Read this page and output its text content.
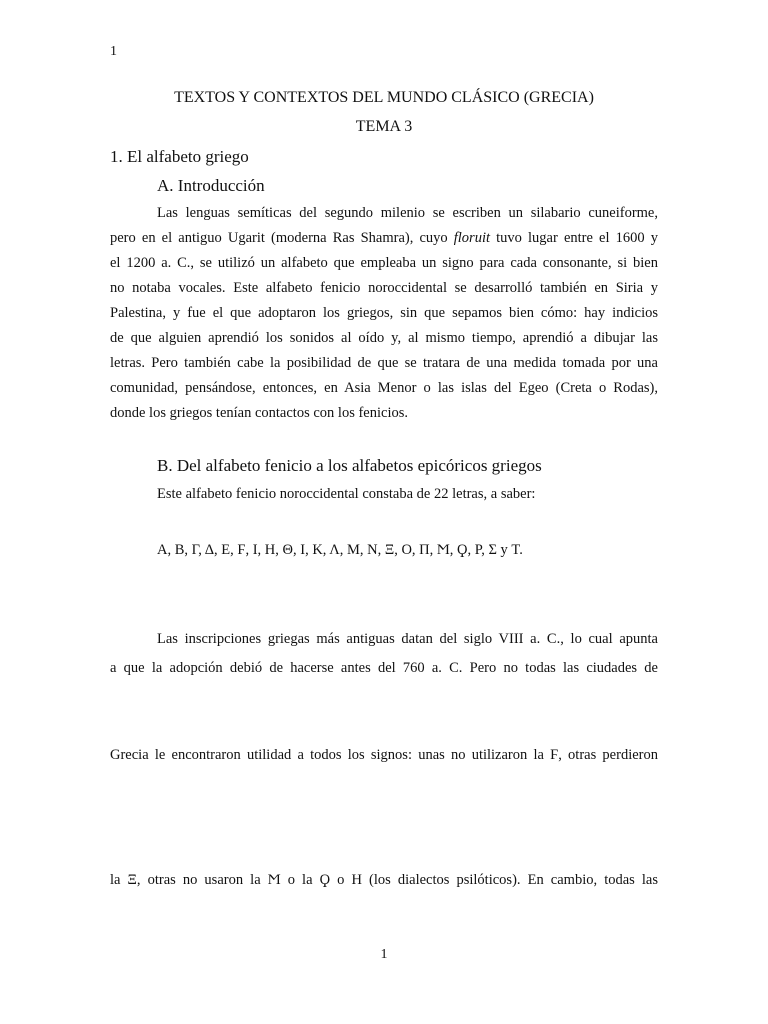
1
TEXTOS Y CONTEXTOS DEL MUNDO CLÁSICO (GRECIA)
TEMA 3
1. El alfabeto griego
A. Introducción
Las lenguas semíticas del segundo milenio se escriben un silabario cuneiforme,
pero en el antiguo Ugarit (moderna Ras Shamra), cuyo floruit tuvo lugar entre el 1600 y
el 1200 a. C., se utilizó un alfabeto que empleaba un signo para cada consonante, si bien
no notaba vocales. Este alfabeto fenicio noroccidental se desarrolló también en Siria y
Palestina, y fue el que adoptaron los griegos, sin que sepamos bien cómo: hay indicios
de que alguien aprendió los sonidos al oído y, al mismo tiempo, aprendió a dibujar las
letras. Pero también cabe la posibilidad de que se tratara de una medida tomada por una
comunidad, pensándose, entonces, en Asia Menor o las islas del Egeo (Creta o Rodas),
donde los griegos tenían contactos con los fenicios.
B. Del alfabeto fenicio a los alfabetos epicóricos griegos
Este alfabeto fenicio noroccidental constaba de 22 letras, a saber:
Α, Β, Γ, Δ, Ε, Ϝ, Ι, Η, Θ, Ι, Κ, Λ, Μ, Ν, Ξ, Ο, Π, Ϻ, Ϙ, Ρ, Σ y Τ.
Las inscripciones griegas más antiguas datan del siglo VIII a. C., lo cual apunta
a que la adopción debió de hacerse antes del 760 a. C. Pero no todas las ciudades de
Grecia le encontraron utilidad a todos los signos: unas no utilizaron la Ϝ, otras perdieron
la Ξ, otras no usaron la Ϻ o la Ϙ o Η (los dialectos psilóticos). En cambio, todas las
1
